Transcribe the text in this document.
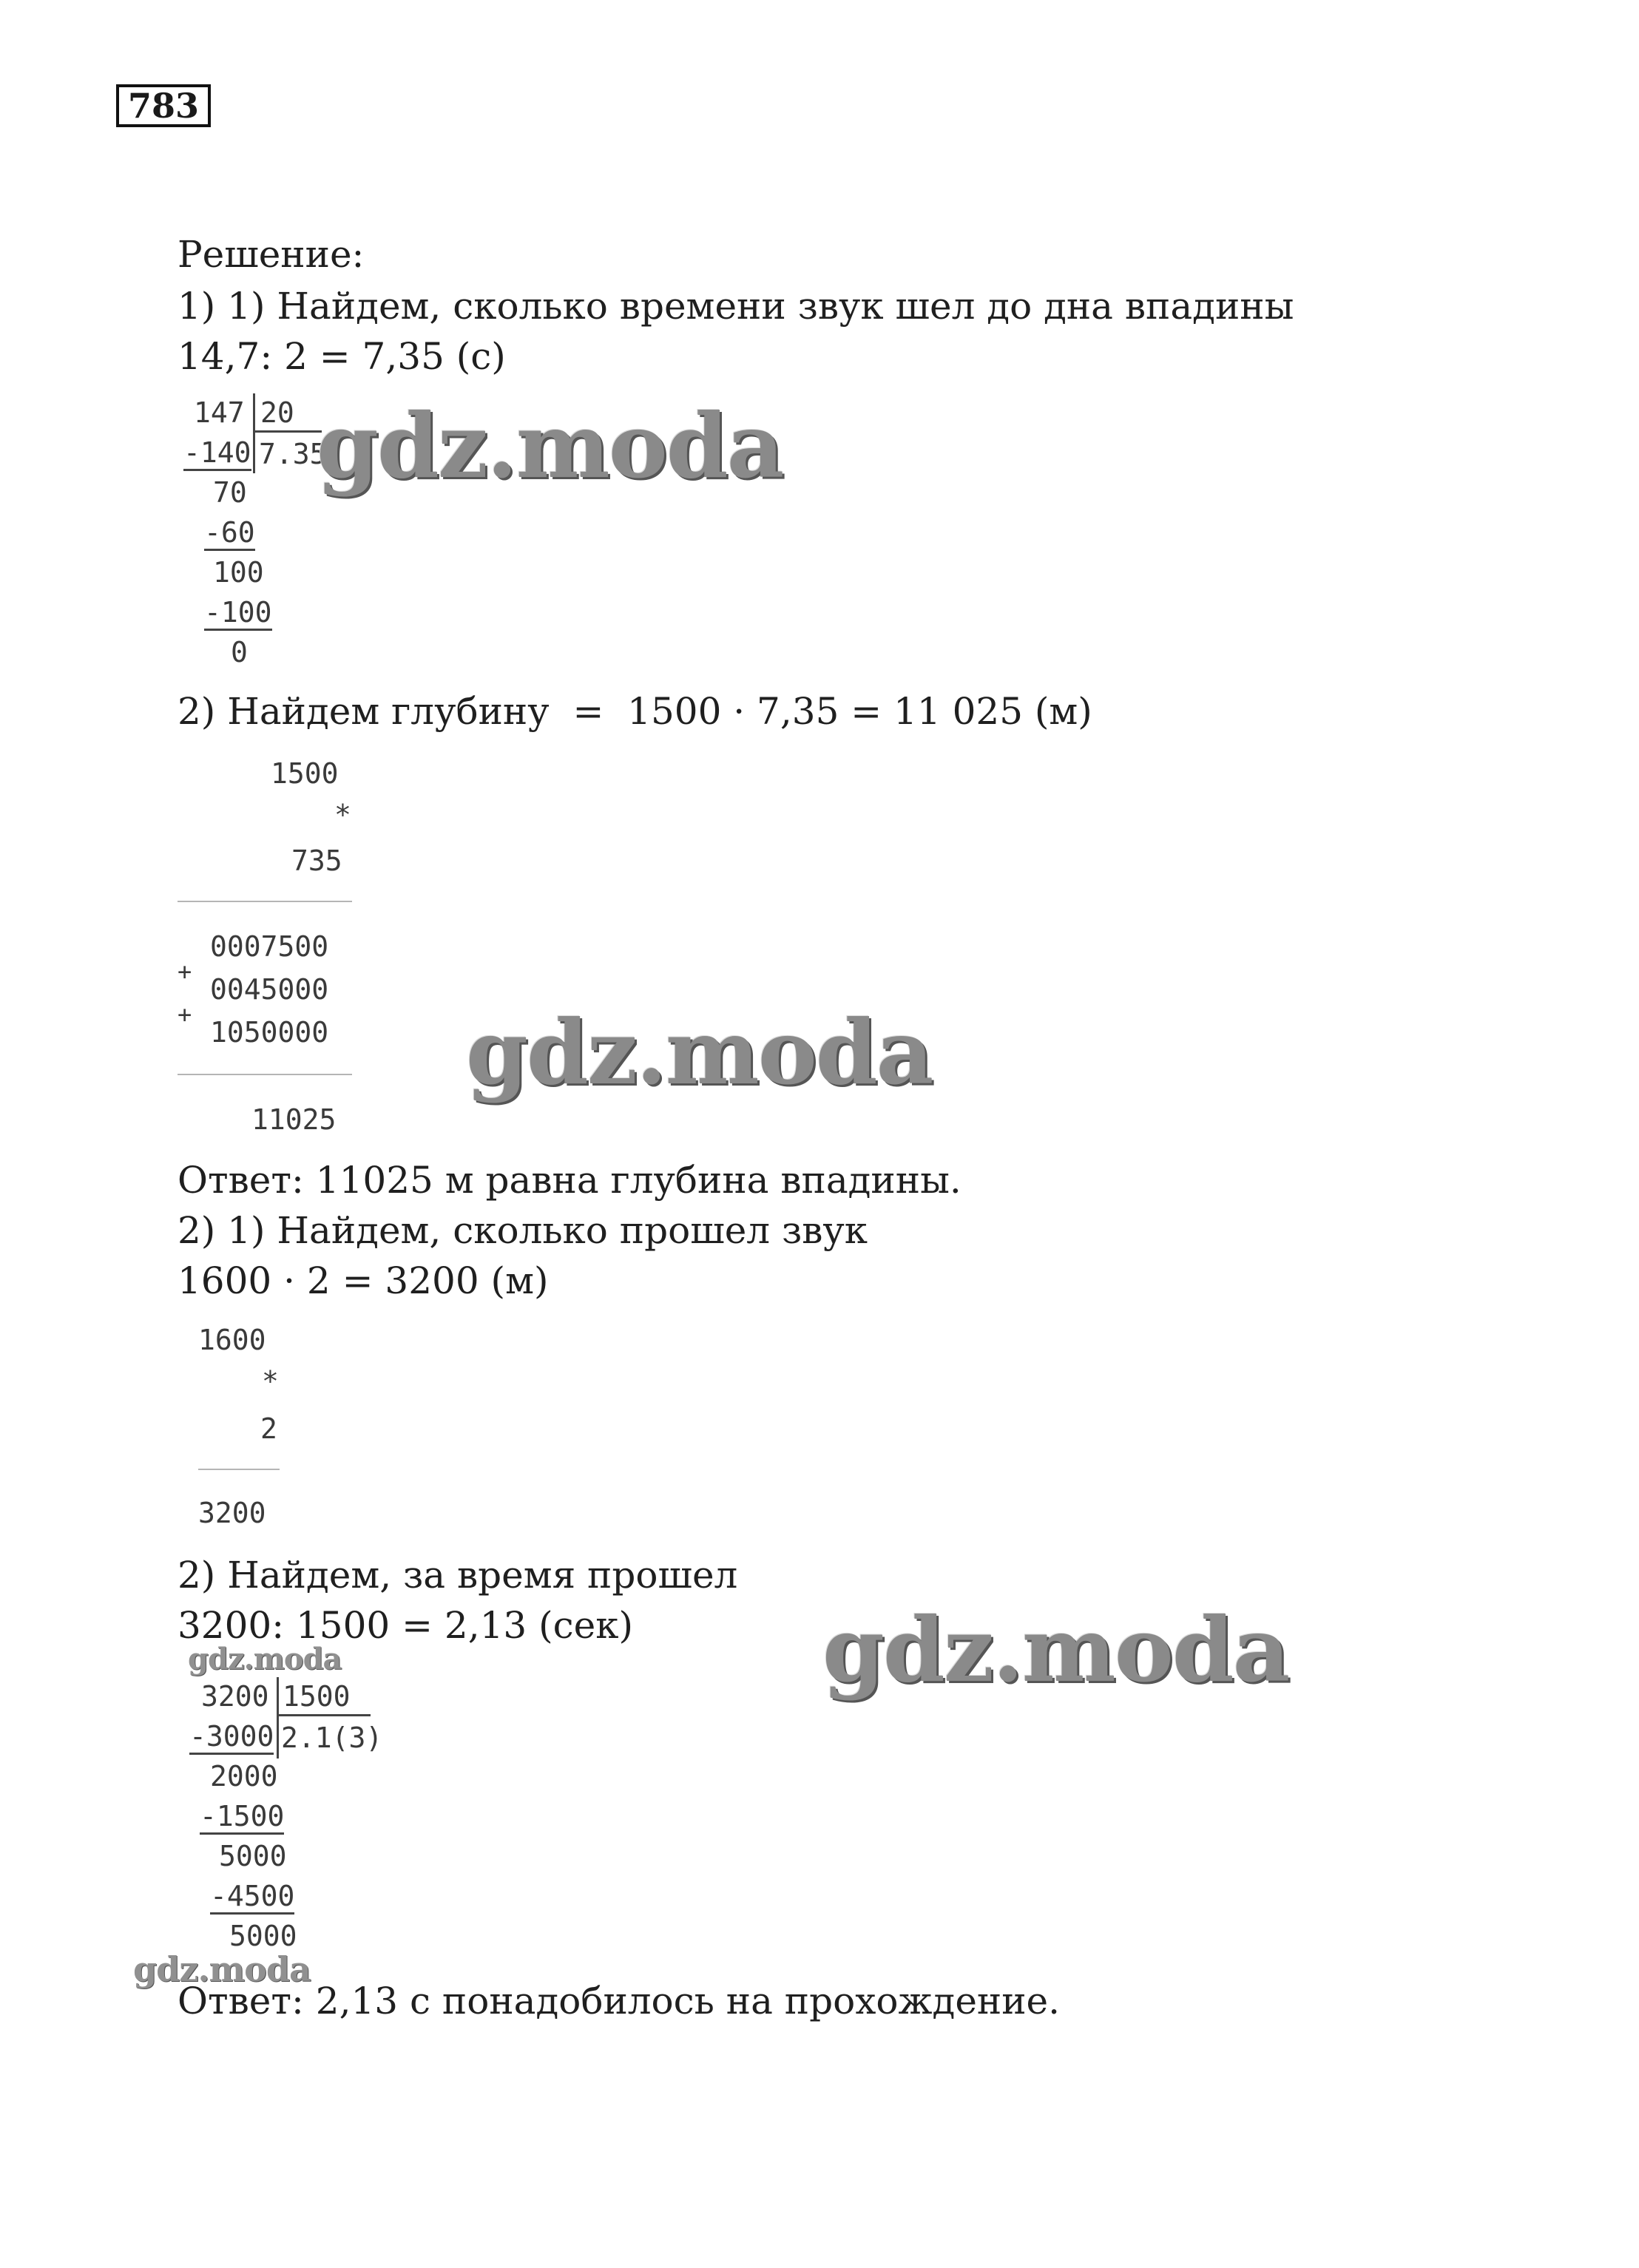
783
Решение:
1) 1) Найдем, сколько времени звук шел до дна впадины
14,7: 2 = 7,35 (с)
147 20
-140 7.35
70
-60
100
-100
0
gdz.moda
2) Найдем глубину  =  1500 · 7,35 = 11 025 (м)
1500
*
735
0007500
+
0045000
+
1050000
11025
gdz.moda
Ответ: 11025 м равна глубина впадины.
2) 1) Найдем, сколько прошел звук
1600 · 2 = 3200 (м)
1600
*
2
3200
2) Найдем, за время прошел
3200: 1500 = 2,13 (сек) gdz.moda
gdz.moda
3200 1500
-3000 2.1(3)
2000
-1500
5000
-4500
5000
gdz.moda
Ответ: 2,13 с понадобилось на прохождение.
